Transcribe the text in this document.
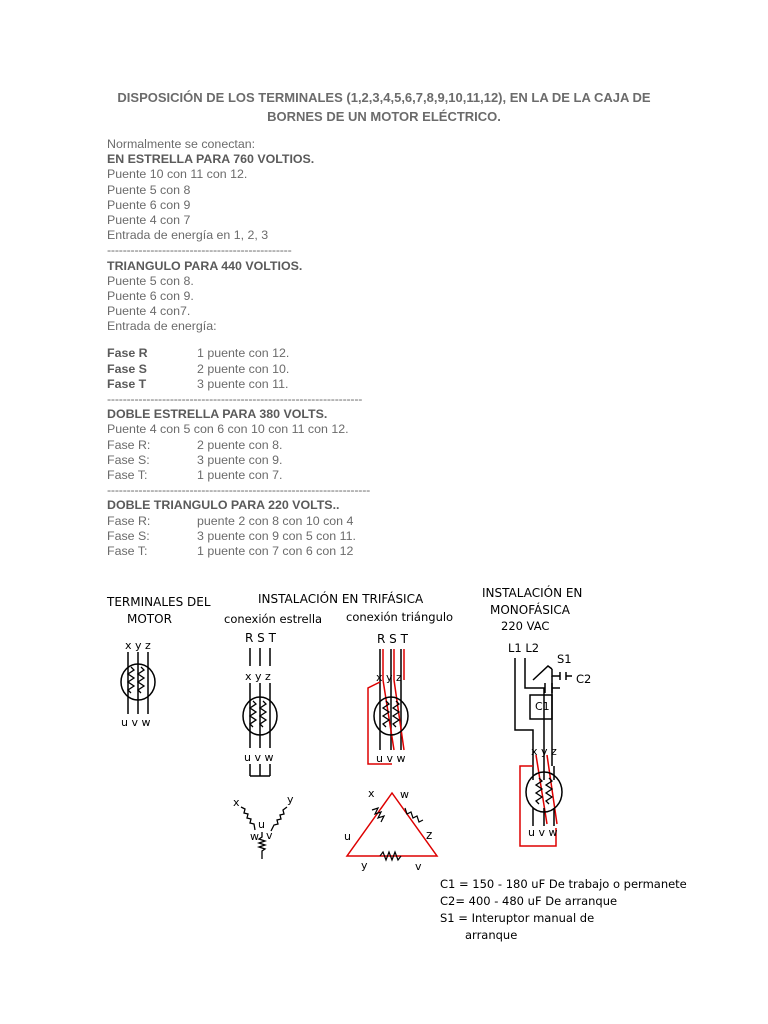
DISPOSICIÓN DE LOS TERMINALES (1,2,3,4,5,6,7,8,9,10,11,12), EN LA DE LA CAJA DE
BORNES DE UN MOTOR ELÉCTRICO.
Normalmente se conectan:
EN ESTRELLA PARA 760 VOLTIOS.
Puente 10 con 11 con 12.
Puente 5 con 8
Puente 6 con 9
Puente 4 con 7
Entrada de energía en 1, 2, 3
-----------------------------------------------
TRIANGULO PARA 440 VOLTIOS.
Puente 5 con 8.
Puente 6 con 9.
Puente 4 con7.
Entrada de energía:
Fase R	1 puente con 12.
Fase S	2 puente con 10.
Fase T	3 puente con 11.
-----------------------------------------------------------------
DOBLE ESTRELLA PARA 380 VOLTS.
Puente 4 con 5 con 6 con 10 con 11 con 12.
Fase R:	2 puente con 8.
Fase S:	3 puente con 9.
Fase T:	1 puente con 7.
-------------------------------------------------------------------
DOBLE TRIANGULO PARA 220 VOLTS..
Fase R:	puente 2 con 8 con 10 con 4
Fase S:	3 puente con 9 con 5 con 11.
Fase T:	1 puente con 7 con 6 con 12
TERMINALES DEL
MOTOR
x y z
u v w
INSTALACIÓN EN TRIFÁSICA
conexión estrella conexión triángulo
R S T
x y z
u v w
R S T
x y z
u v w
x	y
u
w v
x w
z
u
y	v
INSTALACIÓN EN
MONOFÁSICA
220 VAC
L1 L2
S1
C2
C1
x y z
u v w
C1 = 150 - 180 uF De trabajo o permanete
C2= 400 - 480 uF De arranque
S1 = Interuptor manual de
arranque
